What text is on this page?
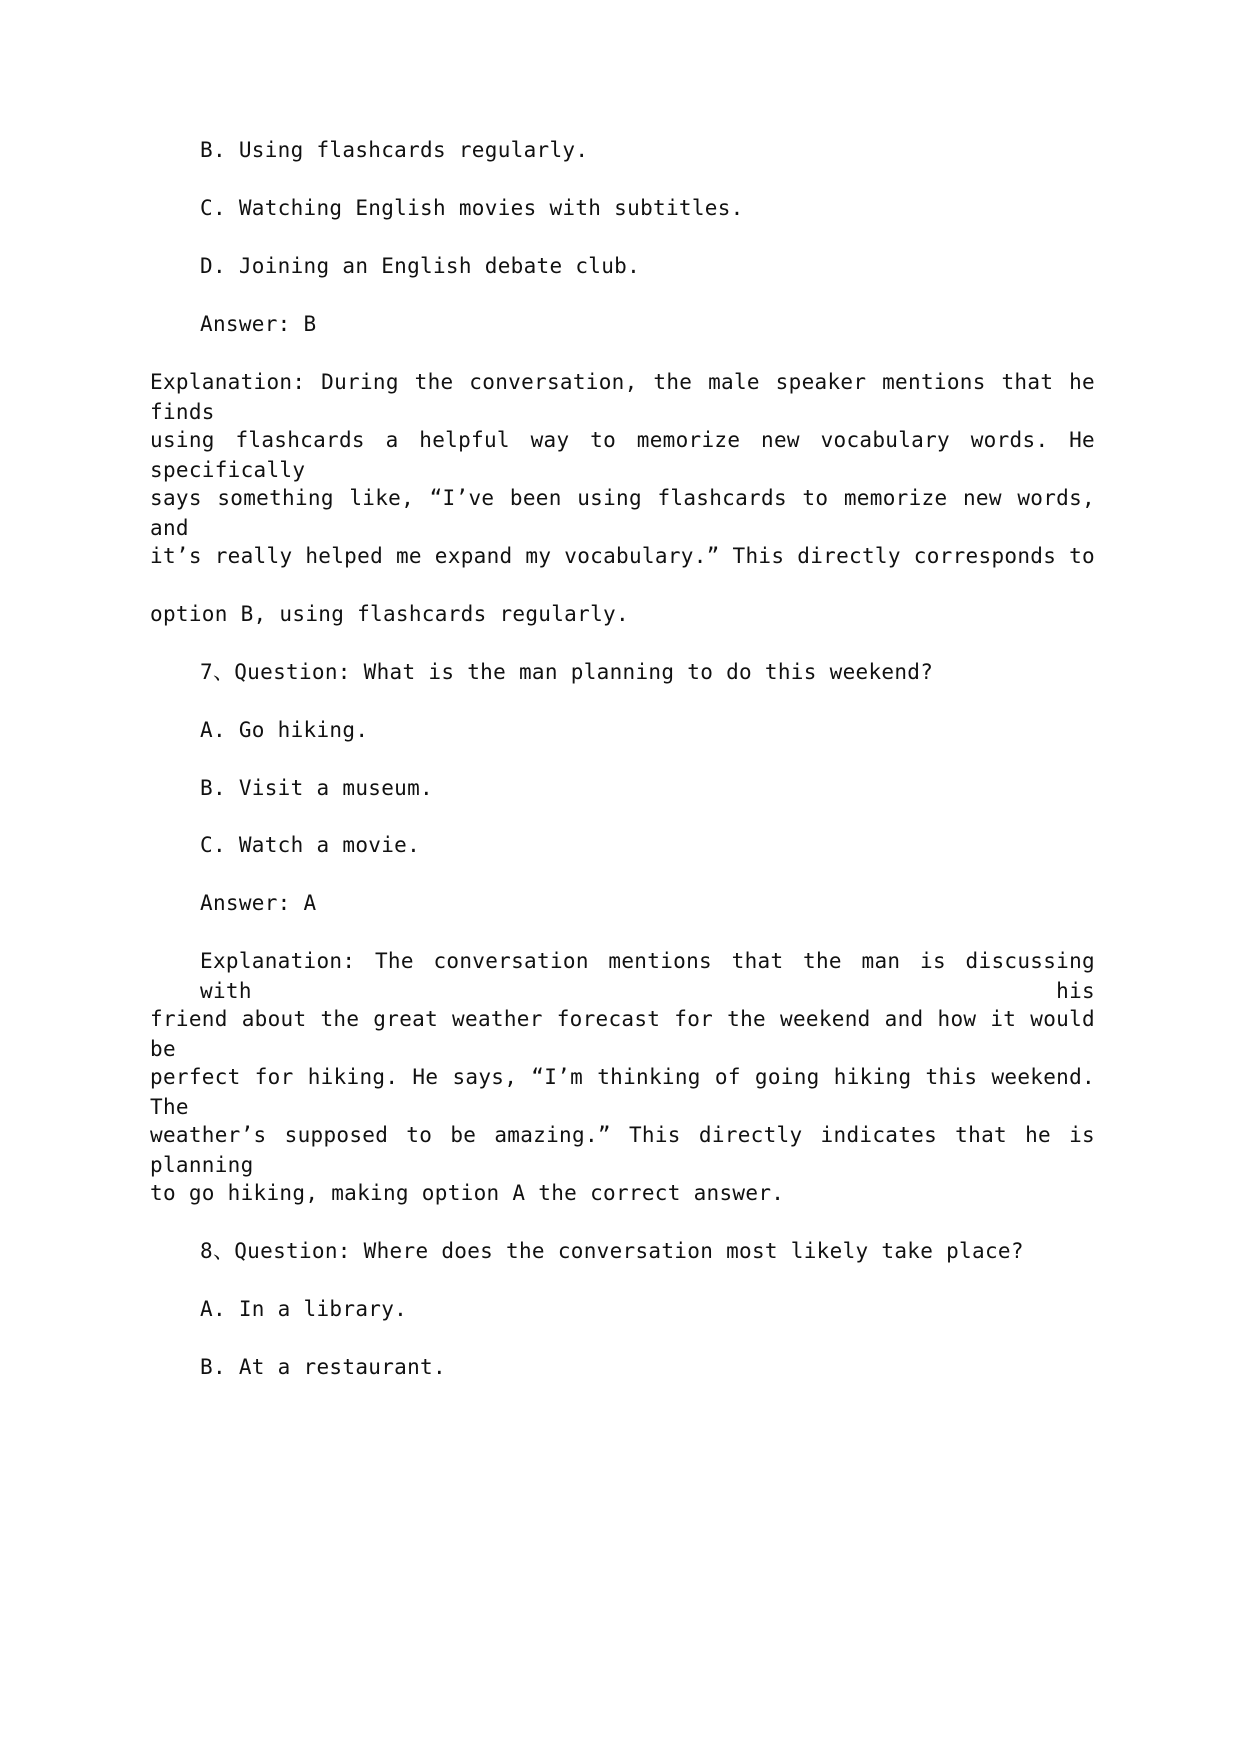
B. Using flashcards regularly.
C. Watching English movies with subtitles.
D. Joining an English debate club.
Answer: B
Explanation: During the conversation, the male speaker mentions that he finds
using flashcards a helpful way to memorize new vocabulary words. He specifically
says something like, “I’ve been using flashcards to memorize new words, and
it’s really helped me expand my vocabulary.” This directly corresponds to
option B, using flashcards regularly.
7、Question: What is the man planning to do this weekend?
A. Go hiking.
B. Visit a museum.
C. Watch a movie.
Answer: A
Explanation: The conversation mentions that the man is discussing with his
friend about the great weather forecast for the weekend and how it would be
perfect for hiking. He says, “I’m thinking of going hiking this weekend. The
weather’s supposed to be amazing.” This directly indicates that he is planning
to go hiking, making option A the correct answer.
8、Question: Where does the conversation most likely take place?
A. In a library.
B. At a restaurant.
